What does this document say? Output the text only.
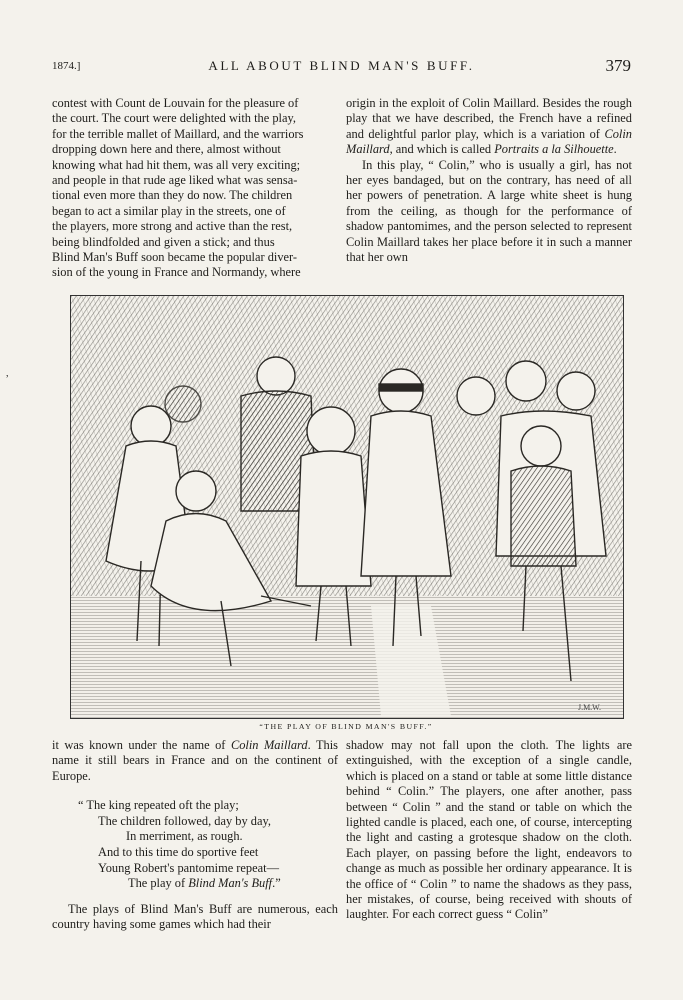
1874.]	ALL ABOUT BLIND MAN'S BUFF.	379
contest with Count de Louvain for the pleasure of
the court. The court were delighted with the play,
for the terrible mallet of Maillard, and the warriors
dropping down here and there, almost without
knowing what had hit them, was all very exciting;
and people in that rude age liked what was sensa-
tional even more than they do now. The children
began to act a similar play in the streets, one of
the players, more strong and active than the rest,
being blindfolded and given a stick; and thus
Blind Man's Buff soon became the popular diver-
sion of the young in France and Normandy, where

origin in the exploit of Colin Maillard. Besides the rough play that we have described, the French have a refined and delightful parlor play, which is a variation of Colin Maillard, and which is called Portraits a la Silhouette.

In this play, “ Colin,” who is usually a girl, has not her eyes bandaged, but on the contrary, has need of all her powers of penetration. A large white sheet is hung from the ceiling, as though for the performance of shadow pantomimes, and the person selected to represent Colin Maillard takes her place before it in such a manner that her own

,
J.M.W.
“THE PLAY OF BLIND MAN'S BUFF.”

it was known under the name of Colin Maillard. This name it still bears in France and on the continent of Europe.

“ The king repeated oft the play;
The children followed, day by day,
In merriment, as rough.
And to this time do sportive feet
Young Robert's pantomime repeat—
The play of Blind Man's Buff.”

The plays of Blind Man's Buff are numerous, each country having some games which had their

shadow may not fall upon the cloth. The lights are extinguished, with the exception of a single candle, which is placed on a stand or table at some little distance behind “ Colin.” The players, one after another, pass between “ Colin ” and the stand or table on which the lighted candle is placed, each one, of course, intercepting the light and casting a grotesque shadow on the cloth. Each player, on passing before the light, endeavors to change as much as possible her ordinary appearance. It is the office of “ Colin ” to name the shadows as they pass, her mistakes, of course, being received with shouts of laughter. For each correct guess “ Colin”
